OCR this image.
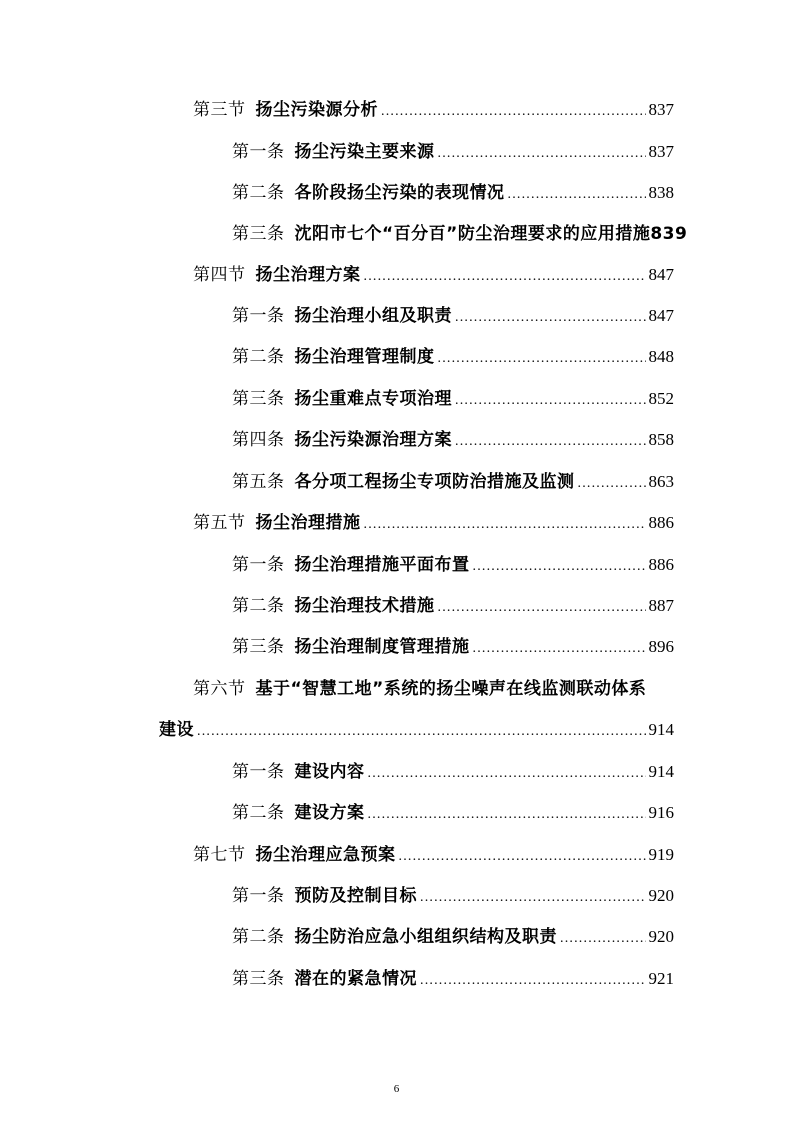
第三节 扬尘污染源分析 .....	837
第一条 扬尘污染主要来源 .....	837
第二条 各阶段扬尘污染的表现情况 .....	838
第三条 沈阳市七个“百分百”防尘治理要求的应用措施839
第四节 扬尘治理方案 .....	847
第一条 扬尘治理小组及职责 .....	847
第二条 扬尘治理管理制度 .....	848
第三条 扬尘重难点专项治理 .....	852
第四条 扬尘污染源治理方案 .....	858
第五条 各分项工程扬尘专项防治措施及监测 .....	863
第五节 扬尘治理措施 .....	886
第一条 扬尘治理措施平面布置 .....	886
第二条 扬尘治理技术措施 .....	887
第三条 扬尘治理制度管理措施 .....	896
第六节 基于“智慧工地”系统的扬尘噪声在线监测联动体系
建设 .....	914
第一条 建设内容 .....	914
第二条 建设方案 .....	916
第七节 扬尘治理应急预案 .....	919
第一条 预防及控制目标 .....	920
第二条 扬尘防治应急小组组织结构及职责 .....	920
第三条 潜在的紧急情况 .....	921
6
